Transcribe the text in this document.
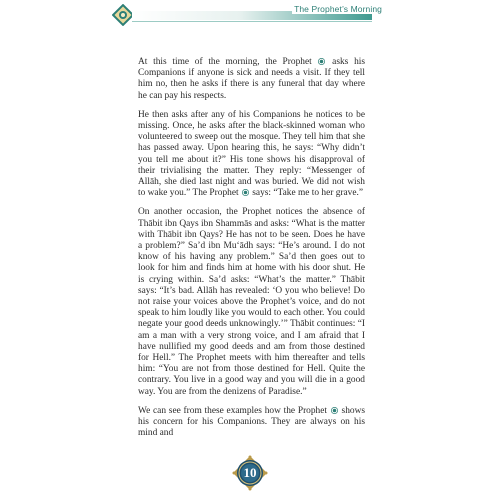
The Prophet’s Morning

At this time of the morning, the Prophet  asks his Companions if anyone is sick and needs a visit. If they tell him no, then he asks if there is any funeral that day where he can pay his respects.

He then asks after any of his Companions he notices to be missing. Once, he asks after the black-skinned woman who volunteered to sweep out the mosque. They tell him that she has passed away. Upon hearing this, he says: “Why didn’t you tell me about it?” His tone shows his disapproval of their trivialising the matter. They reply: “Messenger of Allāh, she died last night and was buried. We did not wish to wake you.” The Prophet  says: “Take me to her grave.”

On another occasion, the Prophet notices the absence of Thābit ibn Qays ibn Shammās and asks: “What is the matter with Thābit ibn Qays? He has not to be seen. Does he have a problem?” Sa’d ibn Mu‘ādh says: “He’s around. I do not know of his having any problem.” Sa’d then goes out to look for him and finds him at home with his door shut. He is crying within. Sa’d asks: “What’s the matter.” Thābit says: “It’s bad. Allāh has revealed: ‘O you who believe! Do not raise your voices above the Prophet’s voice, and do not speak to him loudly like you would to each other. You could negate your good deeds unknowingly.’” Thābit continues: “I am a man with a very strong voice, and I am afraid that I have nullified my good deeds and am from those destined for Hell.” The Prophet meets with him thereafter and tells him: “You are not from those destined for Hell. Quite the contrary. You live in a good way and you will die in a good way. You are from the denizens of Paradise.”

We can see from these examples how the Prophet  shows his concern for his Companions. They are always on his mind and

10
